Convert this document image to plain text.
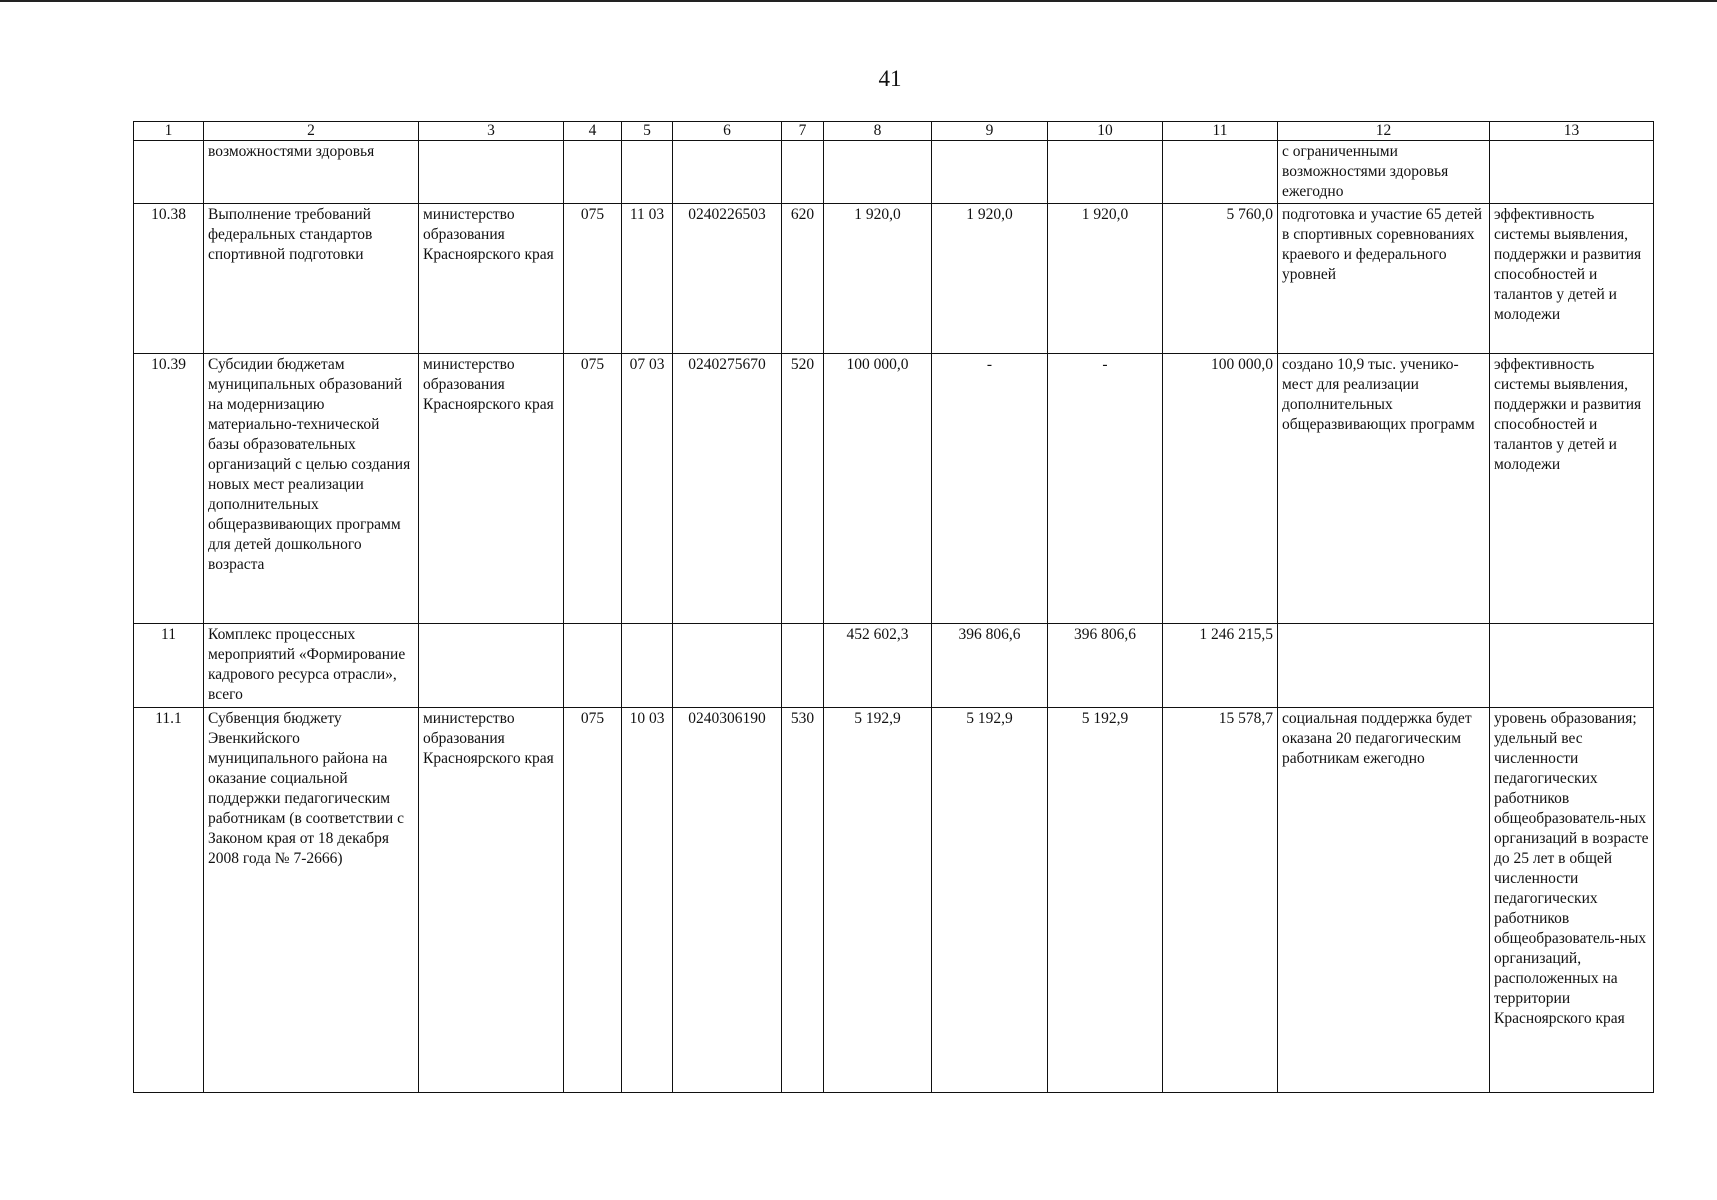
41
1	2	3	4	5	6	7	8	9	10	11	12	13
	возможностями здоровья										с ограниченными возможностями здоровья ежегодно	
10.38	Выполнение требований федеральных стандартов спортивной подготовки	министерство образования Красноярского края	075	11 03	0240226503	620	1 920,0	1 920,0	1 920,0	5 760,0	подготовка и участие 65 детей в спортивных соревнованиях краевого и федерального уровней	эффективность системы выявления, поддержки и развития способностей и талантов у детей и молодежи
10.39	Субсидии бюджетам муниципальных образований на модернизацию материально-технической базы образовательных организаций с целью создания новых мест реализации дополнительных общеразвивающих программ для детей дошкольного возраста	министерство образования Красноярского края	075	07 03	0240275670	520	100 000,0	-	-	100 000,0	создано 10,9 тыс. ученико-мест для реализации дополнительных общеразвивающих программ	эффективность системы выявления, поддержки и развития способностей и талантов у детей и молодежи
11	Комплекс процессных мероприятий «Формирование кадрового ресурса отрасли», всего						452 602,3	396 806,6	396 806,6	1 246 215,5		
11.1	Субвенция бюджету Эвенкийского муниципального района на оказание социальной поддержки педагогическим работникам (в соответствии с Законом края от 18 декабря 2008 года № 7-2666)	министерство образования Красноярского края	075	10 03	0240306190	530	5 192,9	5 192,9	5 192,9	15 578,7	социальная поддержка будет оказана 20 педагогическим работникам ежегодно	уровень образования; удельный вес численности педагогических работников общеобразователь-ных организаций в возрасте до 25 лет в общей численности педагогических работников общеобразователь-ных организаций, расположенных на территории Красноярского края
